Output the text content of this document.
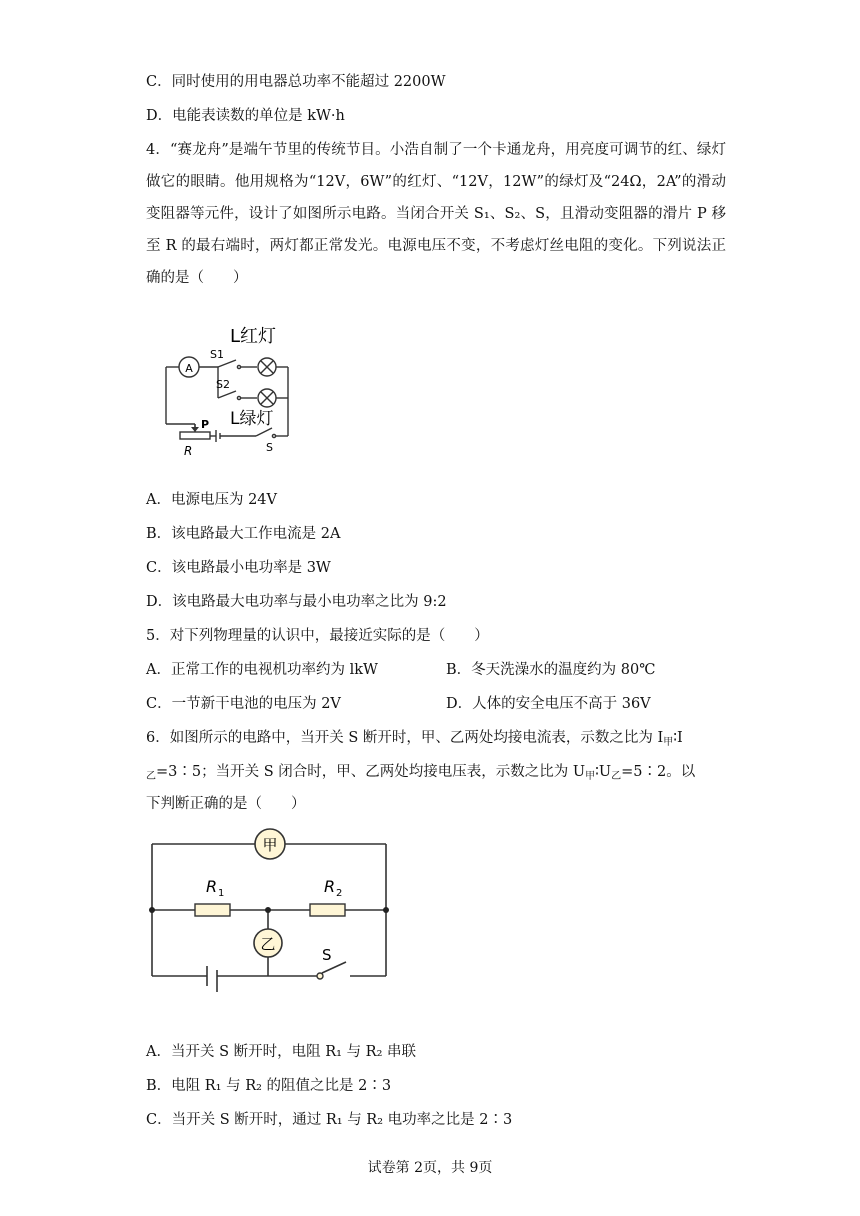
C．同时使用的用电器总功率不能超过 2200W
D．电能表读数的单位是 kW·h
4．“赛龙舟”是端午节里的传统节目。小浩自制了一个卡通龙舟，用亮度可调节的红、绿灯做它的眼睛。他用规格为“12V，6W”的红灯、“12V，12W”的绿灯及“24Ω，2A”的滑动变阻器等元件，设计了如图所示电路。当闭合开关 S₁、S₂、S，且滑动变阻器的滑片 P 移至 R 的最右端时，两灯都正常发光。电源电压不变，不考虑灯丝电阻的变化。下列说法正确的是（　　）
A
L红灯
L绿灯
S1
S2
S
P
R
A．电源电压为 24V
B．该电路最大工作电流是 2A
C．该电路最小电功率是 3W
D．该电路最大电功率与最小电功率之比为 9:2
5．对下列物理量的认识中，最接近实际的是（　　）
A．正常工作的电视机功率约为 lkW	B．冬天洗澡水的温度约为 80℃
C．一节新干电池的电压为 2V	D．人体的安全电压不高于 36V
6．如图所示的电路中，当开关 S 断开时，甲、乙两处均接电流表，示数之比为 $I_甲∶I$
$_乙$=3∶5；当开关 S 闭合时，甲、乙两处均接电压表，示数之比为 $U_甲∶U_乙=5∶2$。以
下判断正确的是（　　）
甲
乙
R 1	R 2
S
A．当开关 S 断开时，电阻 R₁ 与 R₂ 串联
B．电阻 R₁ 与 R₂ 的阻值之比是 2∶3
C．当开关 S 断开时，通过 R₁ 与 R₂ 电功率之比是 2∶3
试卷第 2页，共 9页
